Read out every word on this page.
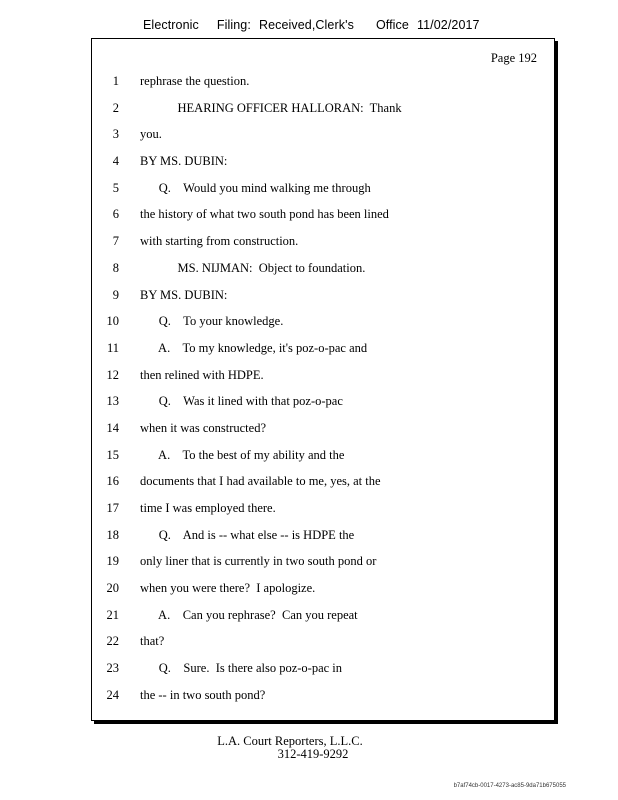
Electronic Filing: Received,Clerk's Office 11/02/2017
Page 192
1 rephrase the question.
2 HEARING OFFICER HALLORAN:  Thank
3 you.
4 BY MS. DUBIN:
5 Q.    Would you mind walking me through
6 the history of what two south pond has been lined
7 with starting from construction.
8 MS. NIJMAN:  Object to foundation.
9 BY MS. DUBIN:
10 Q.    To your knowledge.
11 A.    To my knowledge, it's poz-o-pac and
12 then relined with HDPE.
13 Q.    Was it lined with that poz-o-pac
14 when it was constructed?
15 A.    To the best of my ability and the
16 documents that I had available to me, yes, at the
17 time I was employed there.
18 Q.    And is -- what else -- is HDPE the
19 only liner that is currently in two south pond or
20 when you were there?  I apologize.
21 A.    Can you rephrase?  Can you repeat
22 that?
23 Q.    Sure.  Is there also poz-o-pac in
24 the -- in two south pond?
L.A. Court Reporters, L.L.C.
312-419-9292
b7af74cb-0017-4273-ac85-9da71b675055
